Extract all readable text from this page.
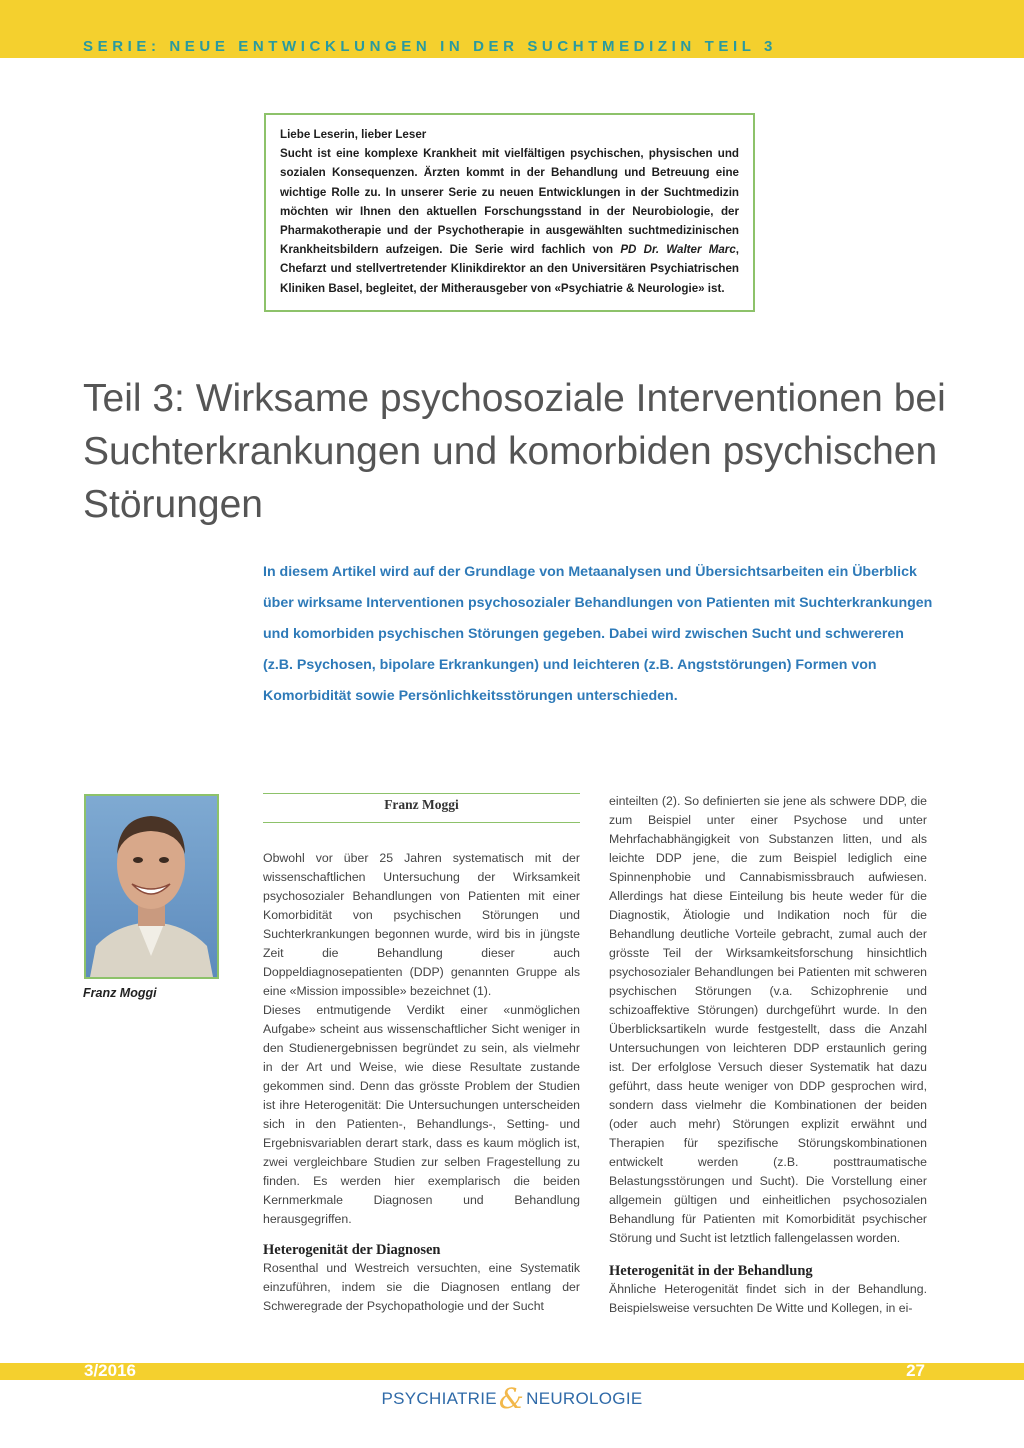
SERIE: NEUE ENTWICKLUNGEN IN DER SUCHTMEDIZIN TEIL 3

Liebe Leserin, lieber Leser

Sucht ist eine komplexe Krankheit mit vielfältigen psychischen, physischen und sozialen Konsequenzen. Ärzten kommt in der Behandlung und Betreuung eine wichtige Rolle zu. In unserer Serie zu neuen Entwicklungen in der Suchtmedizin möchten wir Ihnen den aktuellen Forschungsstand in der Neurobiologie, der Pharmakotherapie und der Psychotherapie in ausgewählten suchtmedizinischen Krankheitsbildern aufzeigen. Die Serie wird fachlich von PD Dr. Walter Marc, Chefarzt und stellvertretender Klinikdirektor an den Universitären Psychiatrischen Kliniken Basel, begleitet, der Mitherausgeber von «Psychiatrie & Neurologie» ist.

Teil 3: Wirksame psychosoziale Interventionen bei Suchterkrankungen und komorbiden psychischen Störungen

In diesem Artikel wird auf der Grundlage von Metaanalysen und Übersichtsarbeiten ein Überblick über wirksame Interventionen psychosozialer Behandlungen von Patienten mit Suchterkrankungen und komorbiden psychischen Störungen gegeben. Dabei wird zwischen Sucht und schwereren (z.B. Psychosen, bipolare Erkrankungen) und leichteren (z.B. Angststörungen) Formen von Komorbidität sowie Persönlichkeitsstörungen unterschieden.

Franz Moggi
Franz Moggi

Obwohl vor über 25 Jahren systematisch mit der wissenschaftlichen Untersuchung der Wirksamkeit psychosozialer Behandlungen von Patienten mit einer Komorbidität von psychischen Störungen und Suchterkrankungen begonnen wurde, wird bis in jüngste Zeit die Behandlung dieser auch Doppeldiagnosepatienten (DDP) genannten Gruppe als eine «Mission impossible» bezeichnet (1).

Dieses entmutigende Verdikt einer «unmöglichen Aufgabe» scheint aus wissenschaftlicher Sicht weniger in den Studienergebnissen begründet zu sein, als vielmehr in der Art und Weise, wie diese Resultate zustande gekommen sind. Denn das grösste Problem der Studien ist ihre Heterogenität: Die Untersuchungen unterscheiden sich in den Patienten-, Behandlungs-, Setting- und Ergebnisvariablen derart stark, dass es kaum möglich ist, zwei vergleichbare Studien zur selben Fragestellung zu finden. Es werden hier exemplarisch die beiden Kernmerkmale Diagnosen und Behandlung herausgegriffen.

Heterogenität der Diagnosen

Rosenthal und Westreich versuchten, eine Systematik einzuführen, indem sie die Diagnosen entlang der Schweregrade der Psychopathologie und der Sucht

einteilten (2). So definierten sie jene als schwere DDP, die zum Beispiel unter einer Psychose und unter Mehrfachabhängigkeit von Substanzen litten, und als leichte DDP jene, die zum Beispiel lediglich eine Spinnenphobie und Cannabismissbrauch aufwiesen. Allerdings hat diese Einteilung bis heute weder für die Diagnostik, Ätiologie und Indikation noch für die Behandlung deutliche Vorteile gebracht, zumal auch der grösste Teil der Wirksamkeitsforschung hinsichtlich psychosozialer Behandlungen bei Patienten mit schweren psychischen Störungen (v.a. Schizophrenie und schizoaffektive Störungen) durchgeführt wurde. In den Überblicksartikeln wurde festgestellt, dass die Anzahl Untersuchungen von leichteren DDP erstaunlich gering ist. Der erfolglose Versuch dieser Systematik hat dazu geführt, dass heute weniger von DDP gesprochen wird, sondern dass vielmehr die Kombinationen der beiden (oder auch mehr) Störungen explizit erwähnt und Therapien für spezifische Störungskombinationen entwickelt werden (z.B. posttraumatische Belastungsstörungen und Sucht). Die Vorstellung einer allgemein gültigen und einheitlichen psychosozialen Behandlung für Patienten mit Komorbidität psychischer Störung und Sucht ist letztlich fallengelassen worden.

Heterogenität in der Behandlung

Ähnliche Heterogenität findet sich in der Behandlung. Beispielsweise versuchten De Witte und Kollegen, in ei-

3/2016	27
PSYCHIATRIE& NEUROLOGIE
